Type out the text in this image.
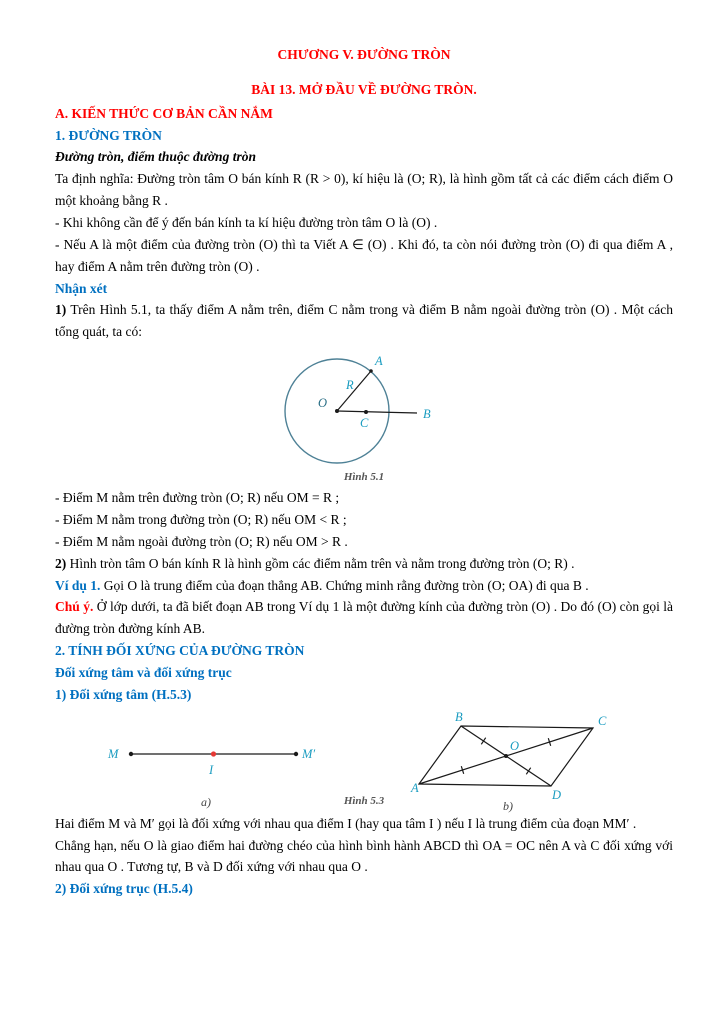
CHƯƠNG V. ĐƯỜNG TRÒN
BÀI 13. MỞ ĐẦU VỀ ĐƯỜNG TRÒN.
A. KIẾN THỨC CƠ BẢN CẦN NẮM
1. ĐƯỜNG TRÒN

Đường tròn, điểm thuộc đường tròn

Ta định nghĩa: Đường tròn tâm O bán kính R (R > 0), kí hiệu là (O; R), là hình gồm tất cả các điểm cách điểm O một khoảng bằng R .

- Khi không cần để ý đến bán kính ta kí hiệu đường tròn tâm O là (O) .

- Nếu A là một điểm của đường tròn (O) thì ta Viết A ∈ (O) . Khi đó, ta còn nói đường tròn (O) đi qua điểm A , hay điểm A nằm trên đường tròn (O) .

Nhận xét

1) Trên Hình 5.1, ta thấy điểm A nằm trên, điểm C nằm trong và điểm B nằm ngoài đường tròn (O) . Một cách tổng quát, ta có:

A
R
O
C
B
Hình 5.1

- Điểm M nằm trên đường tròn (O; R) nếu OM = R ;

- Điểm M nằm trong đường tròn (O; R) nếu OM < R ;

- Điểm M nằm ngoài đường tròn (O; R) nếu OM > R .

2) Hình tròn tâm O bán kính R là hình gồm các điểm nằm trên và nằm trong đường tròn (O; R) .

Ví dụ 1. Gọi O là trung điểm của đoạn thẳng AB. Chứng minh rằng đường tròn (O; OA) đi qua B .

Chú ý. Ở lớp dưới, ta đã biết đoạn AB trong Ví dụ 1 là một đường kính của đường tròn (O) . Do đó (O) còn gọi là đường tròn đường kính AB.

2. TÍNH ĐỐI XỨNG CỦA ĐƯỜNG TRÒN

Đối xứng tâm và đối xứng trục

1) Đối xứng tâm (H.5.3)

M	M′
I
a)
A
B	C
D
O
b)
Hình 5.3

Hai điểm M và M′ gọi là đối xứng với nhau qua điểm I (hay qua tâm I ) nếu I là trung điểm của đoạn MM′ .

Chẳng hạn, nếu O là giao điểm hai đường chéo của hình bình hành ABCD thì OA = OC nên A và C đối xứng với nhau qua O . Tương tự, B và D đối xứng với nhau qua O .

2) Đối xứng trục (H.5.4)
